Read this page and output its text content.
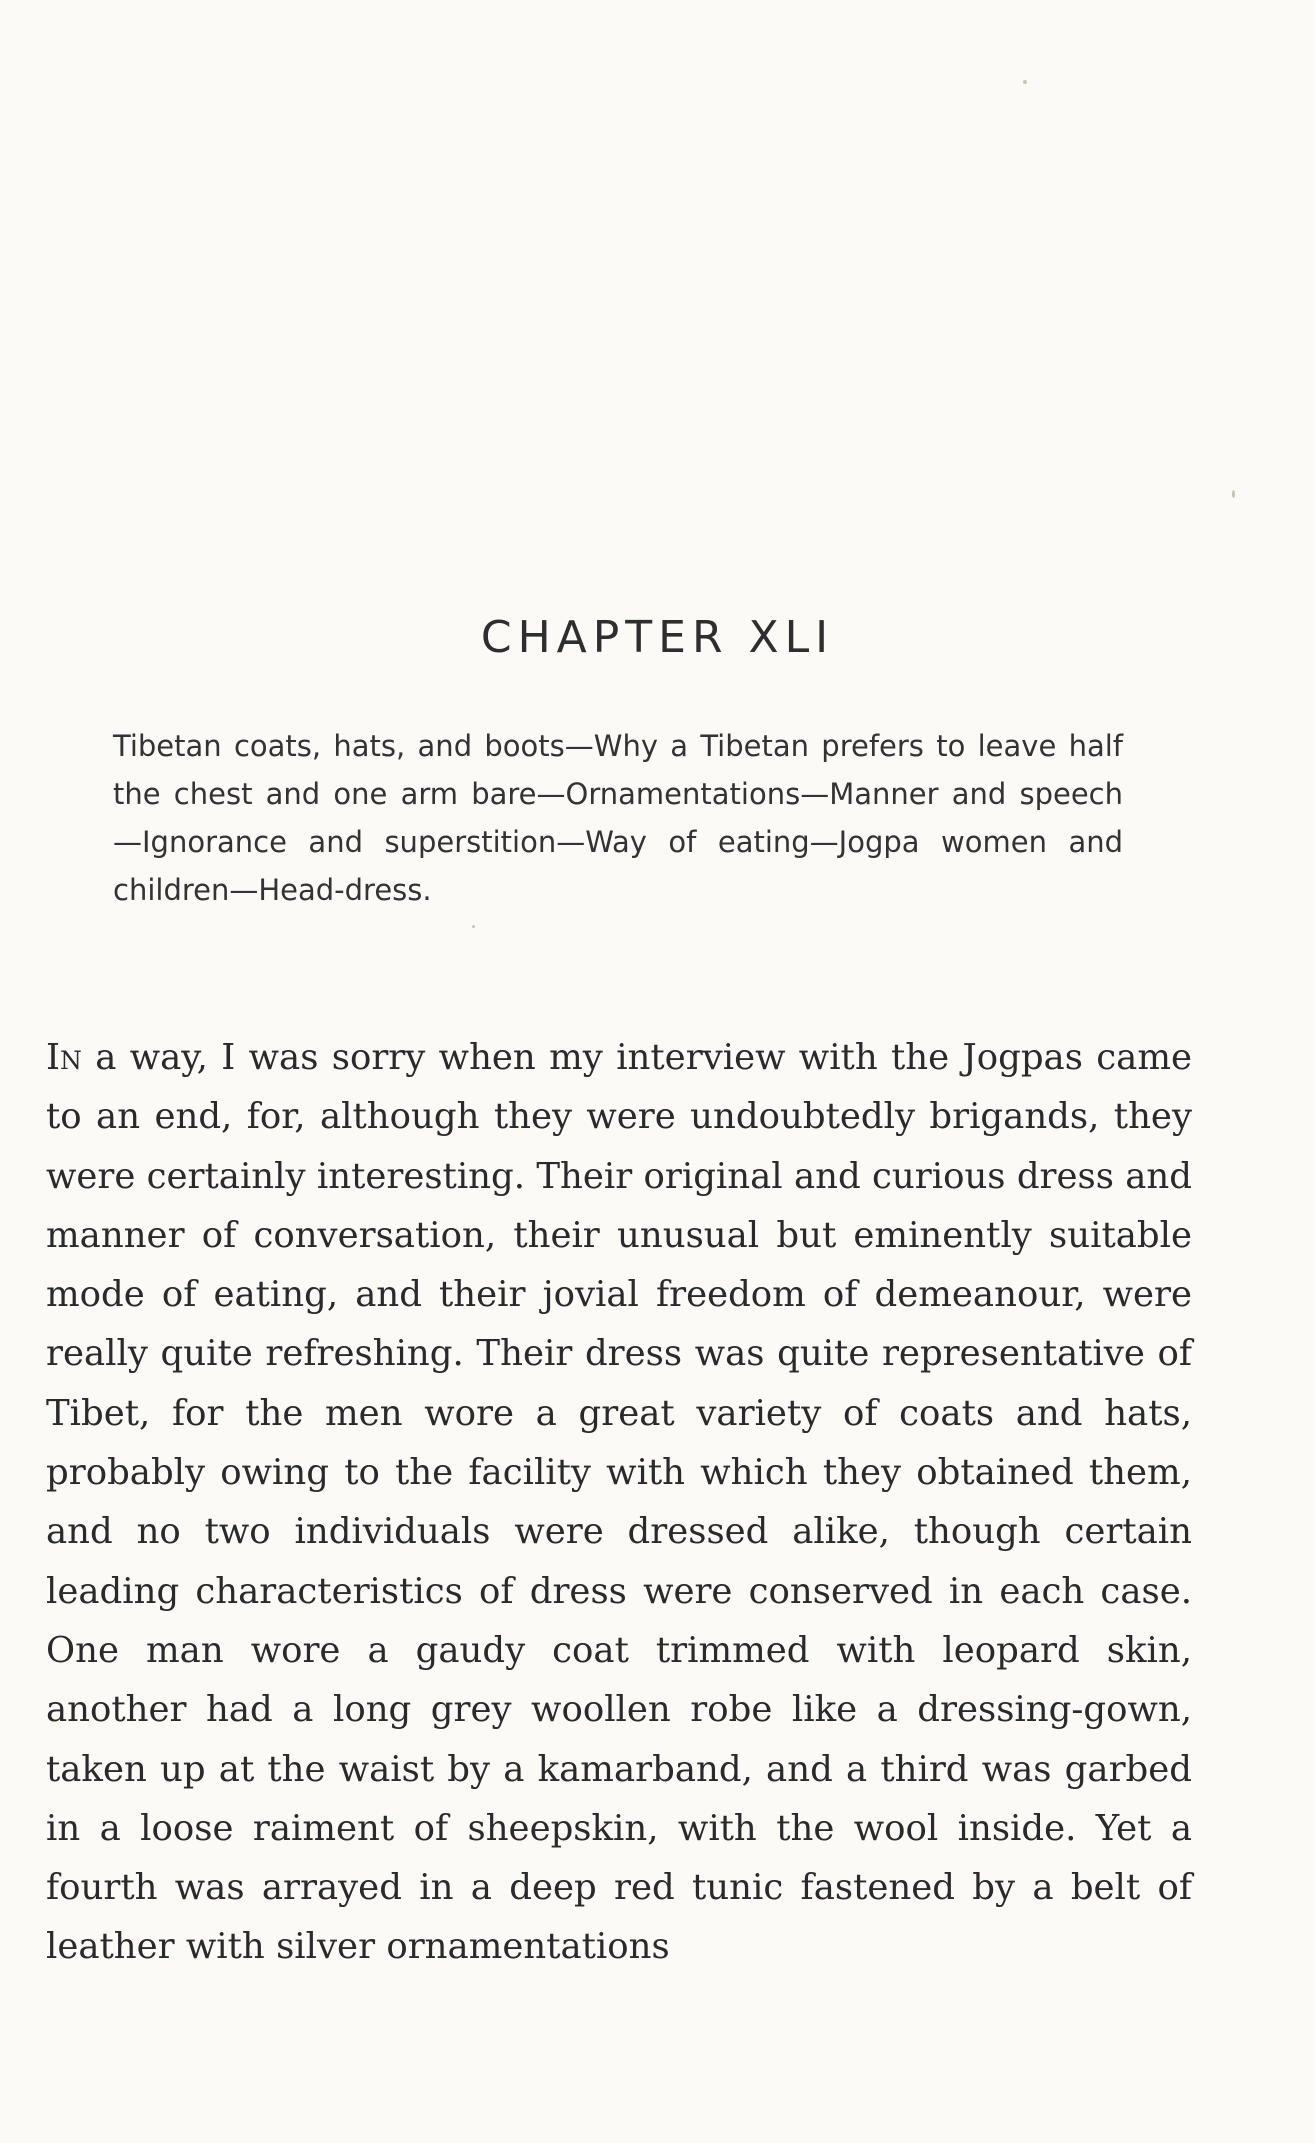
CHAPTER XLI

Tibetan coats, hats, and boots—Why a Tibetan prefers to leave half the chest and one arm bare—Ornamentations—Manner and speech—Ignorance and superstition—Way of eating—Jogpa women and children—Head-dress.

In a way, I was sorry when my interview with the Jogpas came to an end, for, although they were undoubtedly brigands, they were certainly interesting. Their original and curious dress and manner of conversation, their unusual but eminently suitable mode of eating, and their jovial freedom of demeanour, were really quite refreshing. Their dress was quite representative of Tibet, for the men wore a great variety of coats and hats, probably owing to the facility with which they obtained them, and no two individuals were dressed alike, though certain leading characteristics of dress were conserved in each case. One man wore a gaudy coat trimmed with leopard skin, another had a long grey woollen robe like a dressing-gown, taken up at the waist by a kamarband, and a third was garbed in a loose raiment of sheepskin, with the wool inside. Yet a fourth was arrayed in a deep red tunic fastened by a belt of leather with silver ornamentations
